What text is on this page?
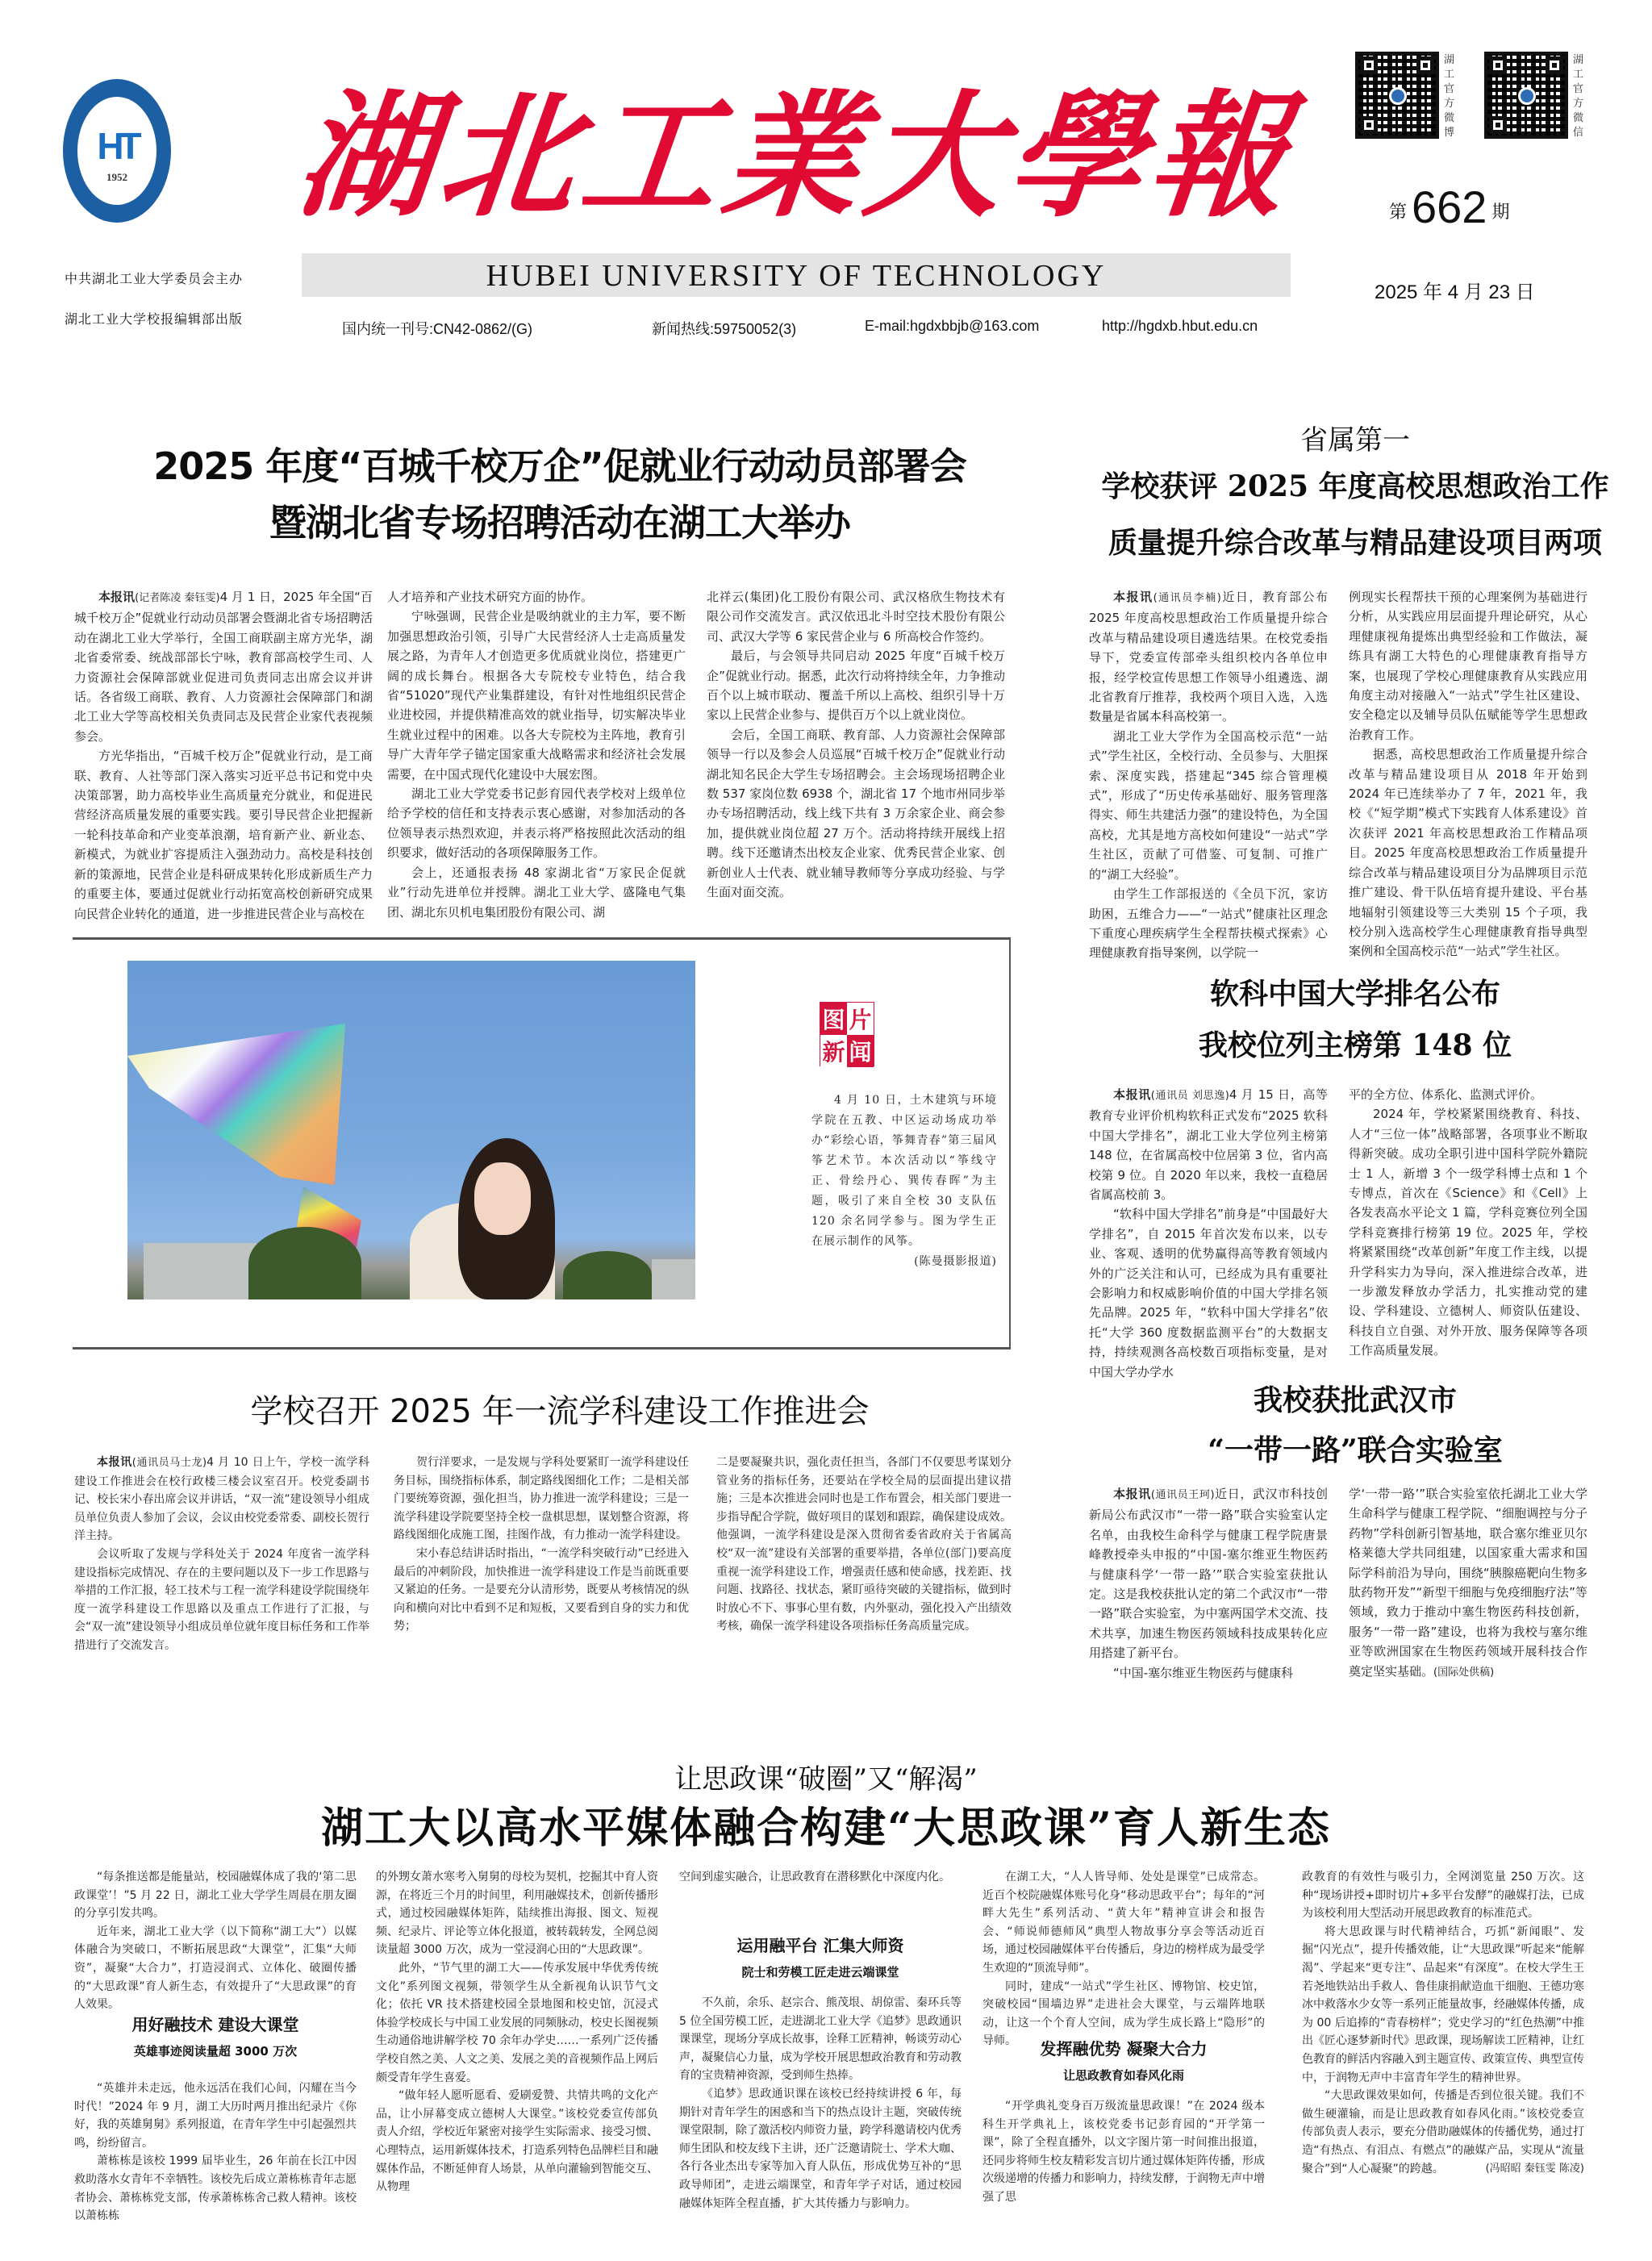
HT
1952
中共湖北工业大学委员会主办
湖北工业大学校报编辑部出版
湖北工業大學報
HUBEI UNIVERSITY OF TECHNOLOGY
国内统一刊号:CN42-0862/(G)	新闻热线:59750052(3)	E-mail:hgdxbbjb@163.com	http://hgdxb.hbut.edu.cn
湖工官方微博
湖工官方微信
第 662 期
2025 年 4 月 23 日
2025 年度“百城千校万企”促就业行动动员部署会
暨湖北省专场招聘活动在湖工大举办

本报讯(记者陈凌 秦钰雯)4 月 1 日，2025 年全国“百城千校万企”促就业行动动员部署会暨湖北省专场招聘活动在湖北工业大学举行，全国工商联副主席方光华，湖北省委常委、统战部部长宁咏，教育部高校学生司、人力资源社会保障部就业促进司负责同志出席会议并讲话。各省级工商联、教育、人力资源社会保障部门和湖北工业大学等高校相关负责同志及民营企业家代表视频参会。

方光华指出，“百城千校万企”促就业行动，是工商联、教育、人社等部门深入落实习近平总书记和党中央决策部署，助力高校毕业生高质量充分就业，和促进民营经济高质量发展的重要实践。要引导民营企业把握新一轮科技革命和产业变革浪潮，培育新产业、新业态、新模式，为就业扩容提质注入强劲动力。高校是科技创新的策源地，民营企业是科研成果转化形成新质生产力的重要主体，要通过促就业行动拓宽高校创新研究成果向民营企业转化的通道，进一步推进民营企业与高校在

人才培养和产业技术研究方面的协作。

宁咏强调，民营企业是吸纳就业的主力军，要不断加强思想政治引领，引导广大民营经济人士走高质量发展之路，为青年人才创造更多优质就业岗位，搭建更广阔的成长舞台。根据各大专院校专业特色，结合我省“51020”现代产业集群建设，有针对性地组织民营企业进校园，并提供精准高效的就业指导，切实解决毕业生就业过程中的困难。以各大专院校为主阵地，教育引导广大青年学子锚定国家重大战略需求和经济社会发展需要，在中国式现代化建设中大展宏图。

湖北工业大学党委书记彭育园代表学校对上级单位给予学校的信任和支持表示衷心感谢，对参加活动的各位领导表示热烈欢迎，并表示将严格按照此次活动的组织要求，做好活动的各项保障服务工作。

会上，还通报表扬 48 家湖北省“万家民企促就业”行动先进单位并授牌。湖北工业大学、盛隆电气集团、湖北东贝机电集团股份有限公司、湖

北祥云(集团)化工股份有限公司、武汉格欣生物技术有限公司作交流发言。武汉依迅北斗时空技术股份有限公司、武汉大学等 6 家民营企业与 6 所高校合作签约。

最后，与会领导共同启动 2025 年度“百城千校万企”促就业行动。据悉，此次行动将持续全年，力争推动百个以上城市联动、覆盖千所以上高校、组织引导十万家以上民营企业参与、提供百万个以上就业岗位。

会后，全国工商联、教育部、人力资源社会保障部领导一行以及参会人员巡展“百城千校万企”促就业行动湖北知名民企大学生专场招聘会。主会场现场招聘企业数 537 家岗位数 6938 个，湖北省 17 个地市州同步举办专场招聘活动，线上线下共有 3 万余家企业、商会参加，提供就业岗位超 27 万个。活动将持续开展线上招聘。线下还邀请杰出校友企业家、优秀民营企业家、创新创业人士代表、就业辅导教师等分享成功经验、与学生面对面交流。

省属第一
学校获评 2025 年度高校思想政治工作
质量提升综合改革与精品建设项目两项

本报讯(通讯员李楠)近日，教育部公布 2025 年度高校思想政治工作质量提升综合改革与精品建设项目遴选结果。在校党委指导下，党委宣传部牵头组织校内各单位申报，经学校宣传思想工作领导小组遴选、湖北省教育厅推荐，我校两个项目入选，入选数量是省属本科高校第一。

湖北工业大学作为全国高校示范“一站式”学生社区，全校行动、全员参与、大胆探索、深度实践，搭建起“345 综合管理模式”，形成了“历史传承基础好、服务管理落得实、师生共建活力强”的建设特色，为全国高校，尤其是地方高校如何建设“一站式”学生社区，贡献了可借鉴、可复制、可推广的“湖工大经验”。

由学生工作部报送的《全员下沉，家访助困，五维合力——“一站式”健康社区理念下重度心理疾病学生全程帮扶模式探索》心理健康教育指导案例，以学院一

例现实长程帮扶干预的心理案例为基础进行分析，从实践应用层面提升理论研究，从心理健康视角提炼出典型经验和工作做法，凝练具有湖工大特色的心理健康教育指导方案，也展现了学校心理健康教育从实践应用角度主动对接融入“一站式”学生社区建设、安全稳定以及辅导员队伍赋能等学生思想政治教育工作。

据悉，高校思想政治工作质量提升综合改革与精品建设项目从 2018 年开始到 2024 年已连续举办了 7 年，2021 年，我校《“短学期”模式下实践育人体系建设》首次获评 2021 年高校思想政治工作精品项目。2025 年度高校思想政治工作质量提升综合改革与精品建设项目分为品牌项目示范推广建设、骨干队伍培育提升建设、平台基地辐射引领建设等三大类别 15 个子项，我校分别入选高校学生心理健康教育指导典型案例和全国高校示范“一站式”学生社区。

图 片
新 闻

4 月 10 日，土木建筑与环境学院在五教、中区运动场成功举办“彩绘心语，筝舞青春”第三届风筝艺术节。本次活动以“筝线守正、骨绘丹心、巽传春晖”为主题，吸引了来自全校 30 支队伍 120 余名同学参与。图为学生正在展示制作的风筝。

(陈曼摄影报道)

软科中国大学排名公布
我校位列主榜第 148 位

本报讯(通讯员 刘思逸)4 月 15 日，高等教育专业评价机构软科正式发布“2025 软科中国大学排名”，湖北工业大学位列主榜第 148 位，在省属高校中位居第 3 位，省内高校第 9 位。自 2020 年以来，我校一直稳居省属高校前 3。

“软科中国大学排名”前身是“中国最好大学排名”，自 2015 年首次发布以来，以专业、客观、透明的优势赢得高等教育领域内外的广泛关注和认可，已经成为具有重要社会影响力和权威影响价值的中国大学排名领先品牌。2025 年，“软科中国大学排名”依托“大学 360 度数据监测平台”的大数据支持，持续观测各高校数百项指标变量，是对中国大学办学水

平的全方位、体系化、监测式评价。

2024 年，学校紧紧围绕教育、科技、人才“三位一体”战略部署，各项事业不断取得新突破。成功全职引进中国科学院外籍院士 1 人，新增 3 个一级学科博士点和 1 个专博点，首次在《Science》和《Cell》上各发表高水平论文 1 篇，学科竞赛位列全国学科竞赛排行榜第 19 位。2025 年，学校将紧紧围绕“改革创新”年度工作主线，以提升学科实力为导向，深入推进综合改革，进一步激发释放办学活力，扎实推动党的建设、学科建设、立德树人、师资队伍建设、科技自立自强、对外开放、服务保障等各项工作高质量发展。

学校召开 2025 年一流学科建设工作推进会

本报讯(通讯员马士龙)4 月 10 日上午，学校一流学科建设工作推进会在校行政楼三楼会议室召开。校党委副书记、校长宋小春出席会议并讲话，“双一流”建设领导小组成员单位负责人参加了会议，会议由校党委常委、副校长贺行洋主持。

会议听取了发规与学科处关于 2024 年度省一流学科建设指标完成情况、存在的主要问题以及下一步工作思路与举措的工作汇报，轻工技术与工程一流学科建设学院围绕年度一流学科建设工作思路以及重点工作进行了汇报，与会“双一流”建设领导小组成员单位就年度目标任务和工作举措进行了交流发言。

贺行洋要求，一是发规与学科处要紧盯一流学科建设任务目标，围绕指标体系，制定路线图细化工作；二是相关部门要统筹资源，强化担当，协力推进一流学科建设；三是一流学科建设学院要坚持全校一盘棋思想，谋划整合资源，将路线图细化成施工图，挂图作战，有力推动一流学科建设。

宋小春总结讲话时指出，“一流学科突破行动”已经进入最后的冲刺阶段，加快推进一流学科建设工作是当前既重要又紧迫的任务。一是要充分认清形势，既要从考核情况的纵向和横向对比中看到不足和短板，又要看到自身的实力和优势；

二是要凝聚共识，强化责任担当，各部门不仅要思考谋划分管业务的指标任务，还要站在学校全局的层面提出建议措施；三是本次推进会同时也是工作布置会，相关部门要进一步指导配合学院，做好项目的谋划和跟踪，确保建设成效。他强调，一流学科建设是深入贯彻省委省政府关于省属高校“双一流”建设有关部署的重要举措，各单位(部门)要高度重视一流学科建设工作，增强责任感和使命感，找差距、找问题、找路径、找状态，紧盯亟待突破的关键指标，做到时时放心不下、事事心里有数，内外驱动，强化投入产出绩效考核，确保一流学科建设各项指标任务高质量完成。

我校获批武汉市
“一带一路”联合实验室

本报讯(通讯员王珂)近日，武汉市科技创新局公布武汉市“一带一路”联合实验室认定名单，由我校生命科学与健康工程学院唐景峰教授牵头申报的“中国-塞尔维亚生物医药与健康科学‘一带一路’”联合实验室获批认定。这是我校获批认定的第二个武汉市“一带一路”联合实验室，为中塞两国学术交流、技术共享，加速生物医药领域科技成果转化应用搭建了新平台。

“中国-塞尔维亚生物医药与健康科

学‘一带一路’”联合实验室依托湖北工业大学生命科学与健康工程学院、“细胞调控与分子药物”学科创新引智基地，联合塞尔维亚贝尔格莱德大学共同组建，以国家重大需求和国际学科前沿为导向，围绕“胰腺癌靶向生物多肽药物开发”“新型干细胞与免疫细胞疗法”等领域，致力于推动中塞生物医药科技创新，服务“一带一路”建设，也将为我校与塞尔维亚等欧洲国家在生物医药领域开展科技合作奠定坚实基础。(国际处供稿)

让思政课“破圈”又“解渴”
湖工大以高水平媒体融合构建“大思政课”育人新生态

“每条推送都是能量站，校园融媒体成了我的‘第二思政课堂’！”5 月 22 日，湖北工业大学学生周晨在朋友圈的分享引发共鸣。

近年来，湖北工业大学（以下简称“湖工大”）以媒体融合为突破口，不断拓展思政“大课堂”，汇集“大师资”，凝聚“大合力”，打造浸润式、立体化、破圈传播的“大思政课”育人新生态，有效提升了“大思政课”的育人效果。

用好融技术 建设大课堂
英雄事迹阅读量超 3000 万次

“英雄并未走远，他永远活在我们心间，闪耀在当今时代！”2024 年 9 月，湖工大历时两月推出纪录片《你好，我的英雄舅舅》系列报道，在青年学生中引起强烈共鸣，纷纷留言。

萧栋栋是该校 1999 届毕业生，26 年前在长江中因救助落水女青年不幸牺牲。该校先后成立萧栋栋青年志愿者协会、萧栋栋党支部，传承萧栋栋舍己救人精神。该校以萧栋栋

的外甥女萧水寒考入舅舅的母校为契机，挖掘其中育人资源，在将近三个月的时间里，利用融媒技术，创新传播形式，通过校园融媒体矩阵，陆续推出海报、图文、短视频、纪录片、评论等立体化报道，被转载转发，全网总阅读量超 3000 万次，成为一堂浸润心田的“大思政课”。

此外，“节气里的湖工大——传承发展中华优秀传统文化”系列图文视频，带领学生从全新视角认识节气文化；依托 VR 技术搭建校园全景地图和校史馆，沉浸式体验学校成长与中国工业发展的同频脉动，校史长图视频生动通俗地讲解学校 70 余年办学史……一系列广泛传播学校自然之美、人文之美、发展之美的音视频作品上网后颇受青年学生喜爱。

“做年轻人愿听愿看、爱刷爱赞、共情共鸣的文化产品，让小屏幕变成立德树人大课堂。”该校党委宣传部负责人介绍，学校近年紧密对接学生实际需求、接受习惯、心理特点，运用新媒体技术，打造系列特色品牌栏目和融媒体作品，不断延伸育人场景，从单向灌输到智能交互、从物理

空间到虚实融合，让思政教育在潜移默化中深度内化。

运用融平台 汇集大师资
院士和劳模工匠走进云端课堂

不久前，余乐、赵宗合、熊茂垠、胡倞雷、秦环兵等 5 位全国劳模工匠，走进湖北工业大学《追梦》思政通识课课堂，现场分享成长故事，诠释工匠精神，畅谈劳动心声，凝聚信心力量，成为学校开展思想政治教育和劳动教育的宝贵精神资源，受到师生热捧。

《追梦》思政通识课在该校已经持续讲授 6 年，每期针对青年学生的困惑和当下的热点设计主题，突破传统课堂限制，除了激活校内师资力量，跨学科邀请校内优秀师生团队和校友线下主讲，还广泛邀请院士、学术大咖、各行各业杰出专家等加入育人队伍，形成优势互补的“思政导师团”，走进云端课堂，和青年学子对话，通过校园融媒体矩阵全程直播，扩大其传播力与影响力。

在湖工大，“人人皆导师、处处是课堂”已成常态。近百个校院融媒体账号化身“移动思政平台”；每年的“河畔大先生”系列活动、“黄大年”精神宣讲会和报告会、“师说师德师风”典型人物故事分享会等活动近百场，通过校园融媒体平台传播后，身边的榜样成为最受学生欢迎的“顶流导师”。

同时，建成“一站式”学生社区、博物馆、校史馆，突破校园“围墙边界”走进社会大课堂，与云端阵地联动，让这一个个育人空间，成为学生成长路上“隐形”的导师。	发挥融优势 凝聚大合力
让思政教育如春风化雨

“开学典礼变身百万级流量思政课！”在 2024 级本科生开学典礼上，该校党委书记彭育园的“开学第一课”，除了全程直播外，以文字图片第一时间推出报道，还同步将师生校友精彩发言切片通过媒体矩阵传播，形成次级递增的传播力和影响力，持续发酵，于润物无声中增强了思

政教育的有效性与吸引力，全网浏览量 250 万次。这种“现场讲授+即时切片+多平台发酵”的融媒打法，已成为该校利用大型活动开展思政教育的标准范式。

将大思政课与时代精神结合，巧抓“新闻眼”、发掘“闪光点”，提升传播效能，让“大思政课”听起来“能解渴”、学起来“更专注”、品起来“有深度”。在校大学生王若尧地铁站出手救人、鲁佳康捐献造血干细胞、王德功寒冰中救落水少女等一系列正能量故事，经融媒体传播，成为 00 后追捧的“青春榜样”；党史学习的“红色热潮”中推出《匠心逐梦新时代》思政课，现场解读工匠精神，让红色教育的鲜活内容融入到主题宣传、政策宣传、典型宣传中，于润物无声中丰富青年学生的精神世界。

“大思政课效果如何，传播是否到位很关键。我们不做生硬灌输，而是让思政教育如春风化雨。”该校党委宣传部负责人表示，要充分借助融媒体的传播优势，通过打造“有热点、有泪点、有燃点”的融媒产品，实现从“流量聚合”到“人心凝聚”的跨越。	(冯昭昭 秦钰雯 陈凌)
